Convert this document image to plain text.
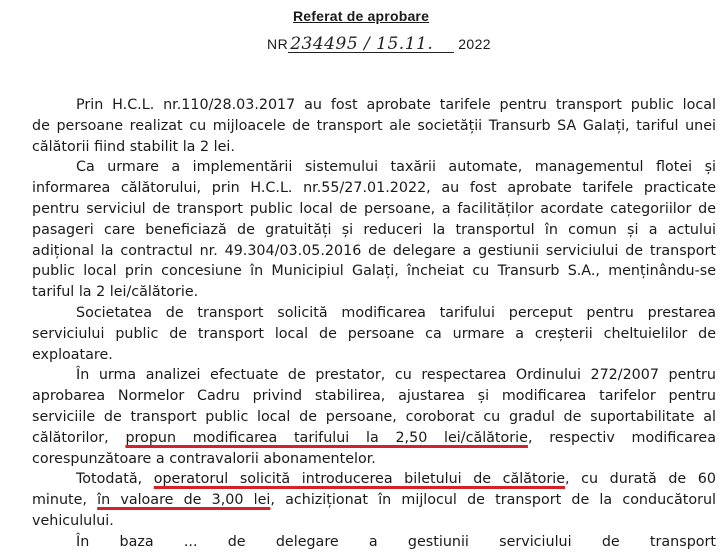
Referat de aprobare
NR 234495 / 15.11.	2022

Prin H.C.L. nr.110/28.03.2017 au fost aprobate tarifele pentru transport public local
de persoane realizat cu mijloacele de transport ale societății Transurb SA Galați, tariful unei
călătorii fiind stabilit la 2 lei.

Ca urmare a implementării sistemului taxării automate, managementul flotei și
informarea călătorului, prin H.C.L. nr.55/27.01.2022, au fost aprobate tarifele practicate
pentru serviciul de transport public local de persoane, a facilităților acordate categoriilor de
pasageri care beneficiază de gratuități și reduceri la transportul în comun și a actului
adițional la contractul nr. 49.304/03.05.2016 de delegare a gestiunii serviciului de transport
public local prin concesiune în Municipiul Galați, încheiat cu Transurb S.A., menținându-se
tariful la 2 lei/călătorie.

Societatea de transport solicită modificarea tarifului perceput pentru prestarea
serviciului public de transport local de persoane ca urmare a creșterii cheltuielilor de
exploatare.

În urma analizei efectuate de prestator, cu respectarea Ordinului 272/2007 pentru
aprobarea Normelor Cadru privind stabilirea, ajustarea și modificarea tarifelor pentru
serviciile de transport public local de persoane, coroborat cu gradul de suportabilitate al
călătorilor, propun modificarea tarifului la 2,50 lei/călătorie, respectiv modificarea
corespunzătoare a contravalorii abonamentelor.

Totodată, operatorul solicită introducerea biletului de călătorie, cu durată de 60
minute, în valoare de 3,00 lei, achiziționat în mijlocul de transport de la conducătorul
vehiculului.

În baza ... de delegare a gestiunii serviciului de transport
